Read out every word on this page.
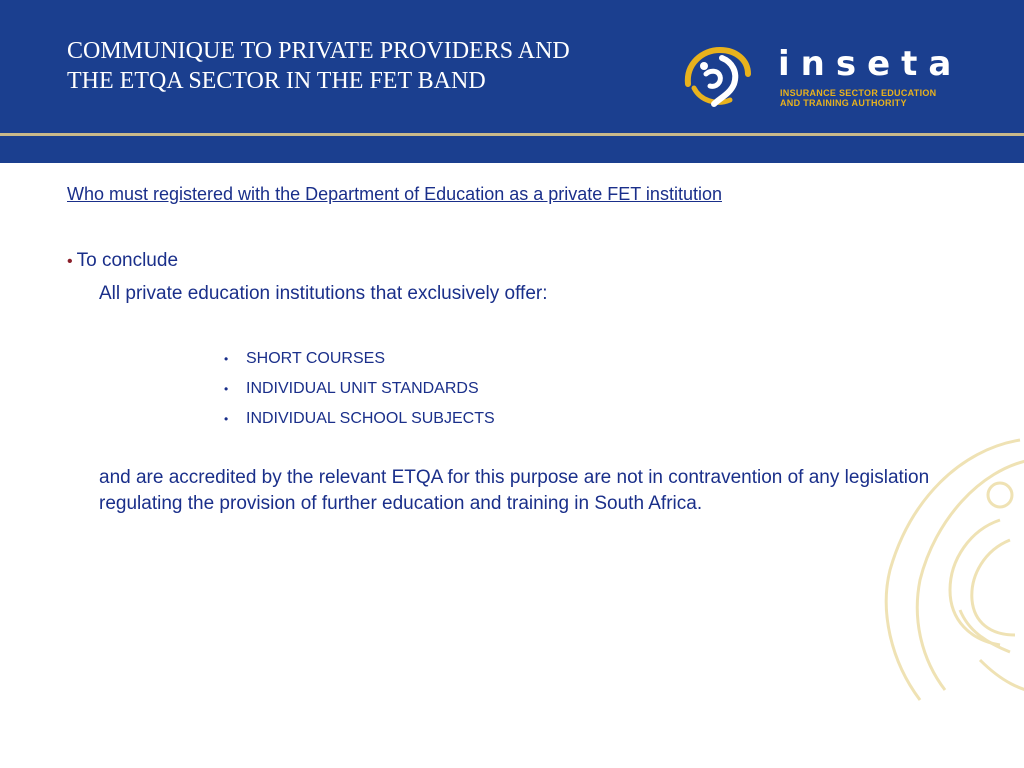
COMMUNIQUE TO PRIVATE PROVIDERS AND
THE ETQA SECTOR IN THE FET BAND	inseta
INSURANCE SECTOR EDUCATION
AND TRAINING AUTHORITY
Who must registered with the Department of Education as a private FET institution
• To conclude
All private education institutions that exclusively offer:
• SHORT COURSES
• INDIVIDUAL UNIT STANDARDS
• INDIVIDUAL SCHOOL SUBJECTS
and are accredited by the relevant ETQA for this purpose are not in contravention of any legislation regulating the provision of further education and training in South Africa.
